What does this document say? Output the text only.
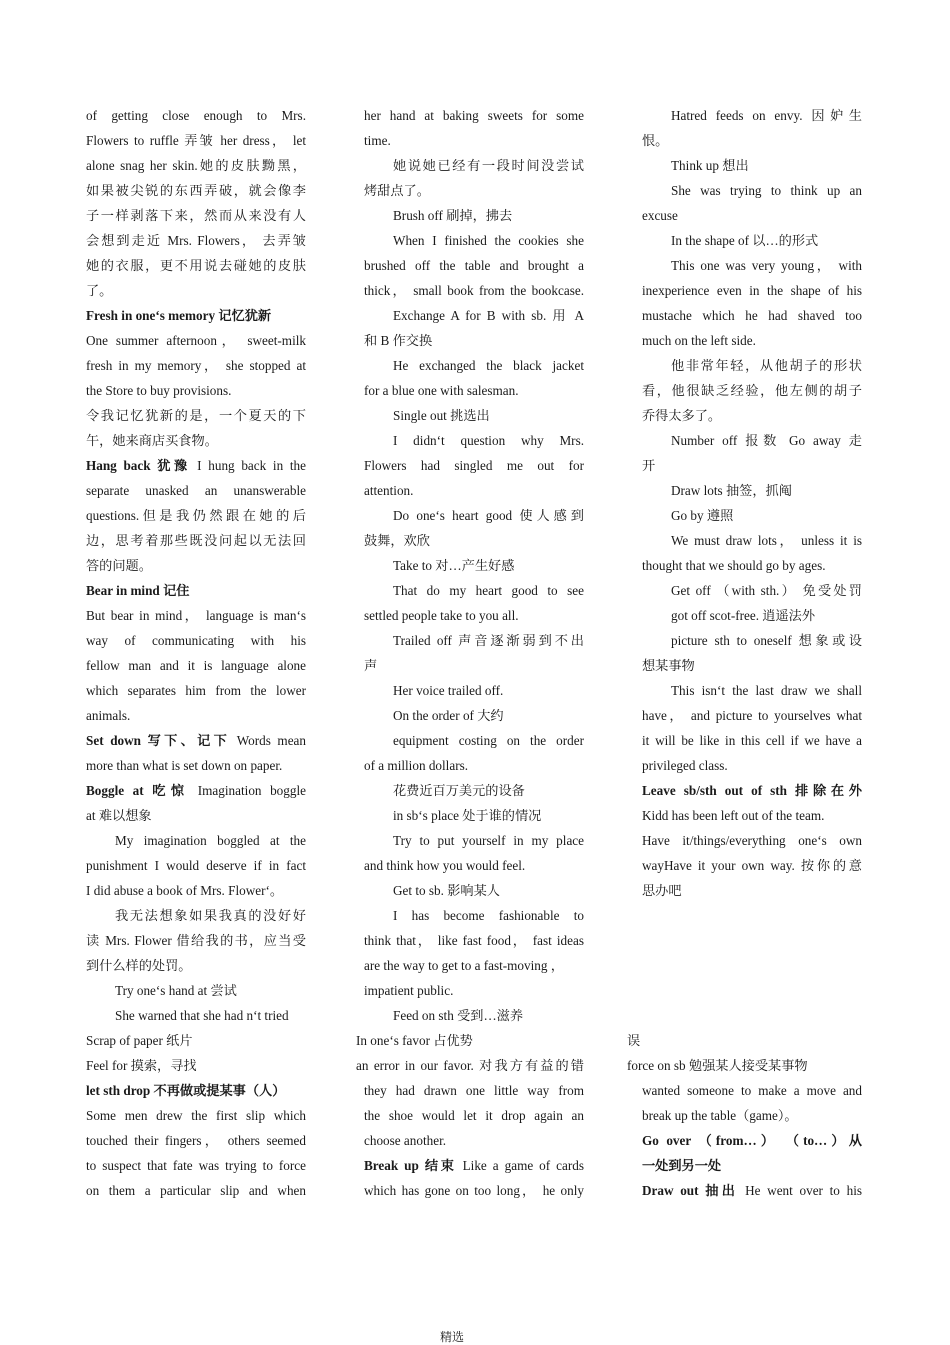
of getting close enough to Mrs.
Flowers to ruffle 弄皱 her dress， let
alone snag her skin.她的皮肤黝黑，
如果被尖锐的东西弄破，就会像李
子一样剥落下来，然而从来没有人
会想到走近 Mrs. Flowers， 去弄皱
她的衣服，更不用说去碰她的皮肤
了。
Fresh in one‘s memory 记忆犹新
One summer afternoon， sweet-milk
fresh in my memory， she stopped at
the Store to buy provisions.
令我记忆犹新的是，一个夏天的下
午，她来商店买食物。
Hang back 犹豫 I hung back in the
separate unasked an unanswerable
questions.但是我仍然跟在她的后
边，思考着那些既没问起以无法回
答的问题。
Bear in mind 记住
But bear in mind， language is man‘s
way of communicating with his
fellow man and it is language alone
which separates him from the lower
animals.
Set down 写下、记下 Words mean
more than what is set down on paper.
Boggle at 吃惊 Imagination boggle
at 难以想象
My imagination boggled at the
punishment I would deserve if in fact
I did abuse a book of Mrs. Flower‘。
我无法想象如果我真的没好好
读 Mrs. Flower 借给我的书，应当受
到什么样的处罚。
Try one‘s hand at 尝试
She warned that she had n‘t tried
Scrap of paper 纸片
Feel for 摸索，寻找
let sth drop 不再做或提某事（人）
Some men drew the first slip which
touched their fingers， others seemed
to suspect that fate was trying to force
on them a particular slip and when
her hand at baking sweets for some
time.
她说她已经有一段时间没尝试
烤甜点了。
Brush off 刷掉，拂去
When I finished the cookies she
brushed off the table and brought a
thick， small book from the bookcase.
Exchange A for B with sb. 用 A
和 B 作交换
He exchanged the black jacket
for a blue one with salesman.
Single out 挑选出
I didn‘t question why Mrs.
Flowers had singled me out for
attention.
Do one‘s heart good 使人感到
鼓舞，欢欣
Take to 对…产生好感
That do my heart good to see
settled people take to you all.
Trailed off 声音逐渐弱到不出
声
Her voice trailed off.
On the order of 大约
equipment costing on the order
of a million dollars.
花费近百万美元的设备
in sb‘s place 处于谁的情况
Try to put yourself in my place
and think how you would feel.
Get to sb. 影响某人
I has become fashionable to
think that， like fast food， fast ideas
are the way to get to a fast-moving ，
impatient public.
Feed on sth 受到…滋养
In one‘s favor 占优势
an error in our favor. 对我方有益的错
they had drawn one little way from
the shoe would let it drop again an
choose another.
Break up 结束 Like a game of cards
which has gone on too long， he only
Hatred feeds on envy. 因妒生
恨。
Think up 想出
She was trying to think up an
excuse
In the shape of 以…的形式
This one was very young， with
inexperience even in the shape of his
mustache which he had shaved too
much on the left side.
他非常年轻，从他胡子的形状
看，他很缺乏经验，他左侧的胡子
乔得太多了。
Number off 报数 Go away 走
开
Draw lots 抽签，抓阄
Go by 遵照
We must draw lots， unless it is
thought that we should go by ages.
Get off （with sth.） 免受处罚
got off scot-free. 逍遥法外
picture sth to oneself 想象或设
想某事物
This isn‘t the last draw we shall
have， and picture to yourselves what
it will be like in this cell if we have a
privileged class.
Leave sb/sth out of sth 排除在外
Kidd has been left out of the team.
Have it/things/everything one‘s own
wayHave it your own way. 按你的意
思办吧
误
force on sb 勉强某人接受某事物
wanted someone to make a move and
break up the table（game）。
Go over （from…） （to…）从
一处到另一处
Draw out 抽出 He went over to his
精选
